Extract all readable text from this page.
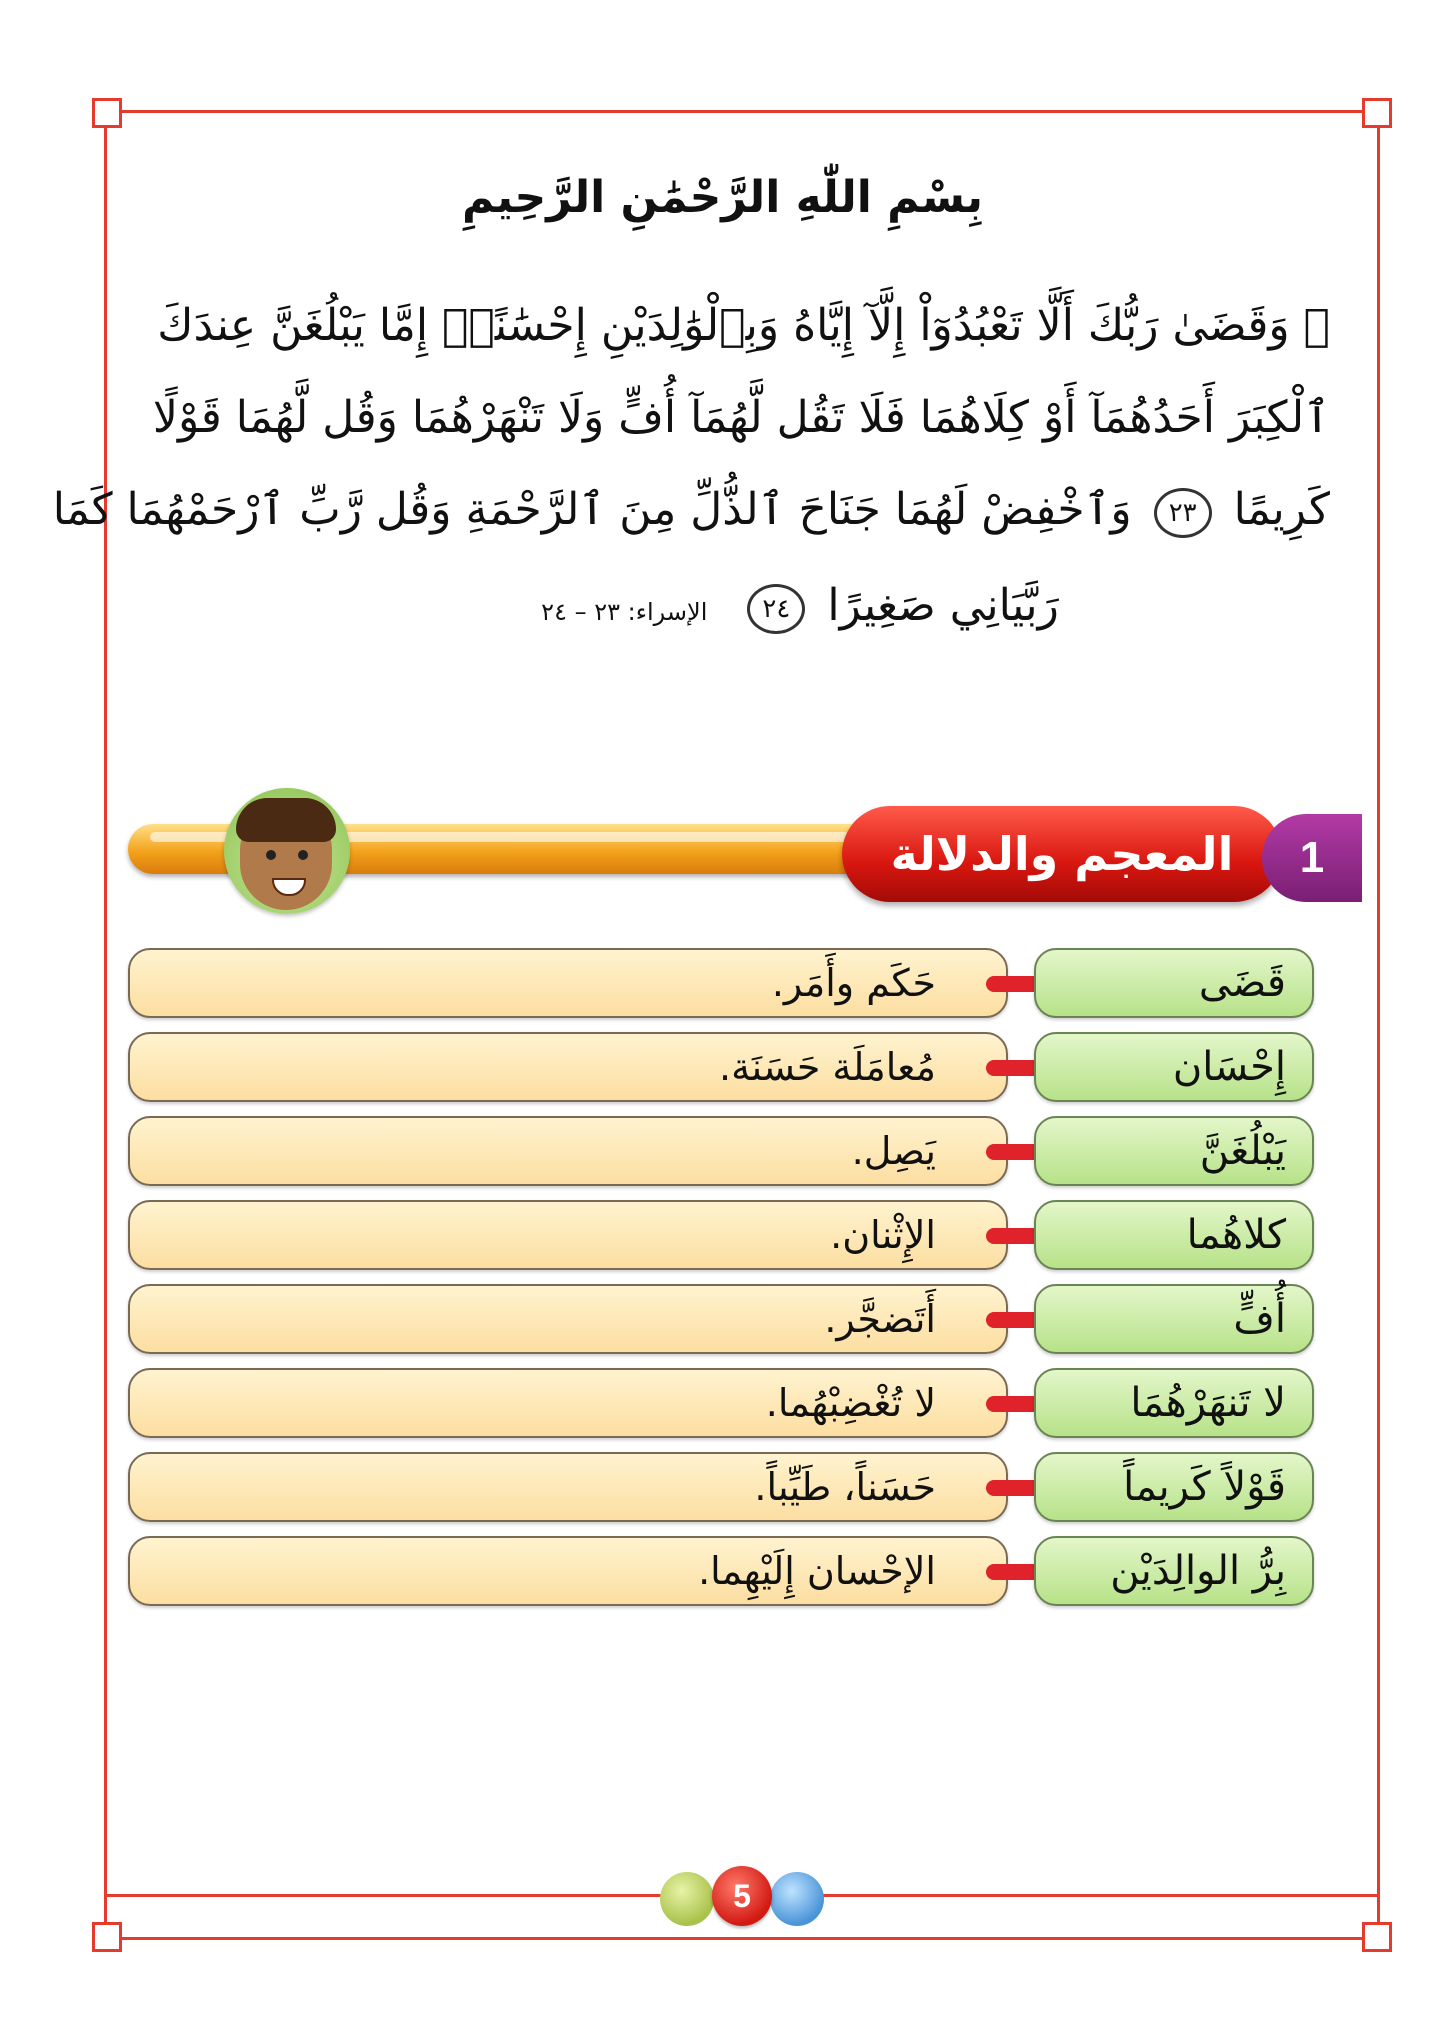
بِسْمِ اللّٰهِ الرَّحْمَٰنِ الرَّحِيمِ
﴿ وَقَضَىٰ رَبُّكَ أَلَّا تَعْبُدُوٓاْ إِلَّآ إِيَّاهُ وَبِٱلْوَٰلِدَيْنِ إِحْسَٰنًاۚ إِمَّا يَبْلُغَنَّ عِندَكَ
ٱلْكِبَرَ أَحَدُهُمَآ أَوْ كِلَاهُمَا فَلَا تَقُل لَّهُمَآ أُفٍّ وَلَا تَنْهَرْهُمَا وَقُل لَّهُمَا قَوْلًا
كَرِيمًا ٢٣ وَٱخْفِضْ لَهُمَا جَنَاحَ ٱلذُّلِّ مِنَ ٱلرَّحْمَةِ وَقُل رَّبِّ ٱرْحَمْهُمَا كَمَا
رَبَّيَانِي صَغِيرًا ٢٤ الإسراء: ٢٣ – ٢٤
المعجم والدلالة	1
حَكَم وأَمَر.	قَضَى
مُعامَلَة حَسَنَة.	إِحْسَان
يَصِل.	يَبْلُغَنَّ
الإِثْنان.	كلاهُما
أَتَضجَّر.	أُفٍّ
لا تُغْضِبْهُما.	لا تَنهَرْهُمَا
حَسَناً، طَيِّباً.	قَوْلاً كَريماً
الإحْسان إِلَيْهِما.	بِرُّ الوالِدَيْن
5
